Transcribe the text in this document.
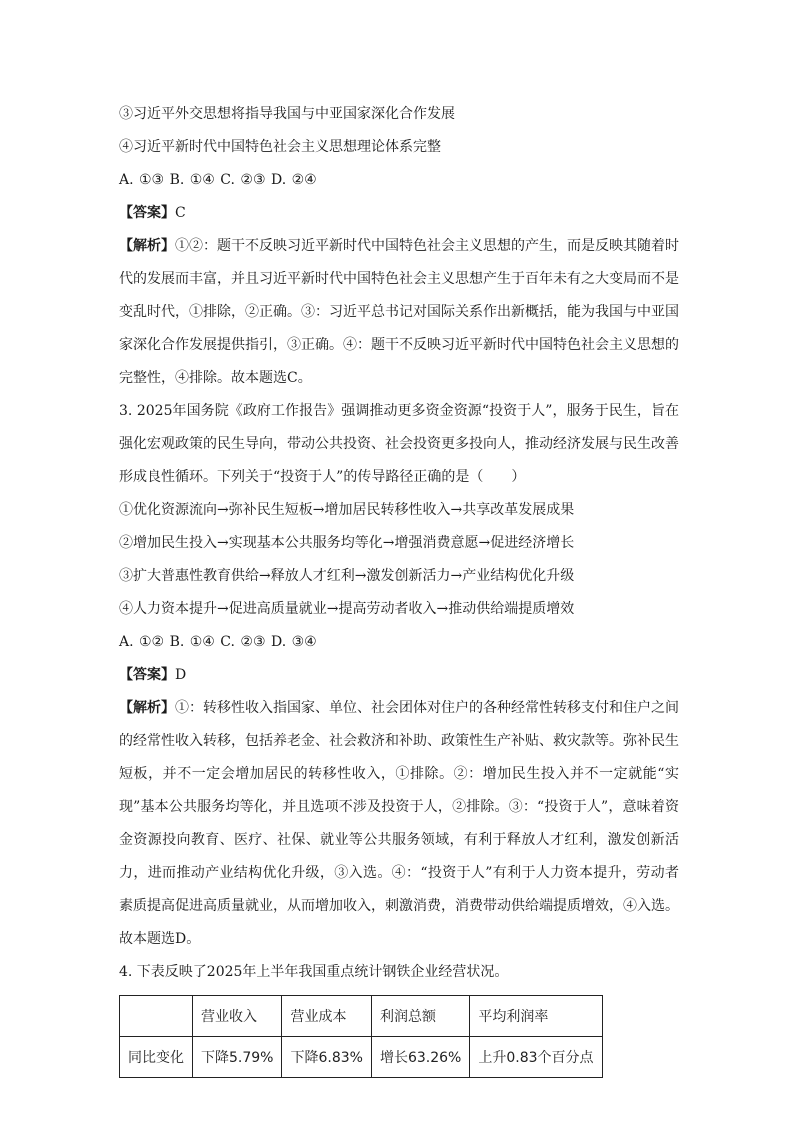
③习近平外交思想将指导我国与中亚国家深化合作发展
④习近平新时代中国特色社会主义思想理论体系完整
A. ①③ B. ①④ C. ②③ D. ②④
【答案】C

【解析】①②：题干不反映习近平新时代中国特色社会主义思想的产生，而是反映其随着时代的发展而丰富，并且习近平新时代中国特色社会主义思想产生于百年未有之大变局而不是变乱时代，①排除，②正确。③：习近平总书记对国际关系作出新概括，能为我国与中亚国家深化合作发展提供指引，③正确。④：题干不反映习近平新时代中国特色社会主义思想的完整性，④排除。故本题选C。

3. 2025年国务院《政府工作报告》强调推动更多资金资源“投资于人”，服务于民生，旨在强化宏观政策的民生导向，带动公共投资、社会投资更多投向人，推动经济发展与民生改善形成良性循环。下列关于“投资于人”的传导路径正确的是（　　）

①优化资源流向→弥补民生短板→增加居民转移性收入→共享改革发展成果
②增加民生投入→实现基本公共服务均等化→增强消费意愿→促进经济增长
③扩大普惠性教育供给→释放人才红利→激发创新活力→产业结构优化升级
④人力资本提升→促进高质量就业→提高劳动者收入→推动供给端提质增效
A. ①② B. ①④ C. ②③ D. ③④
【答案】D

【解析】①：转移性收入指国家、单位、社会团体对住户的各种经常性转移支付和住户之间的经常性收入转移，包括养老金、社会救济和补助、政策性生产补贴、救灾款等。弥补民生短板，并不一定会增加居民的转移性收入，①排除。②：增加民生投入并不一定就能“实现”基本公共服务均等化，并且选项不涉及投资于人，②排除。③：“投资于人”，意味着资金资源投向教育、医疗、社保、就业等公共服务领域，有利于释放人才红利，激发创新活力，进而推动产业结构优化升级，③入选。④：“投资于人”有利于人力资本提升，劳动者素质提高促进高质量就业，从而增加收入，刺激消费，消费带动供给端提质增效，④入选。故本题选D。

4. 下表反映了2025年上半年我国重点统计钢铁企业经营状况。
	营业收入	营业成本	利润总额	平均利润率
同比变化	下降5.79%	下降6.83%	增长63.26%	上升0.83个百分点
